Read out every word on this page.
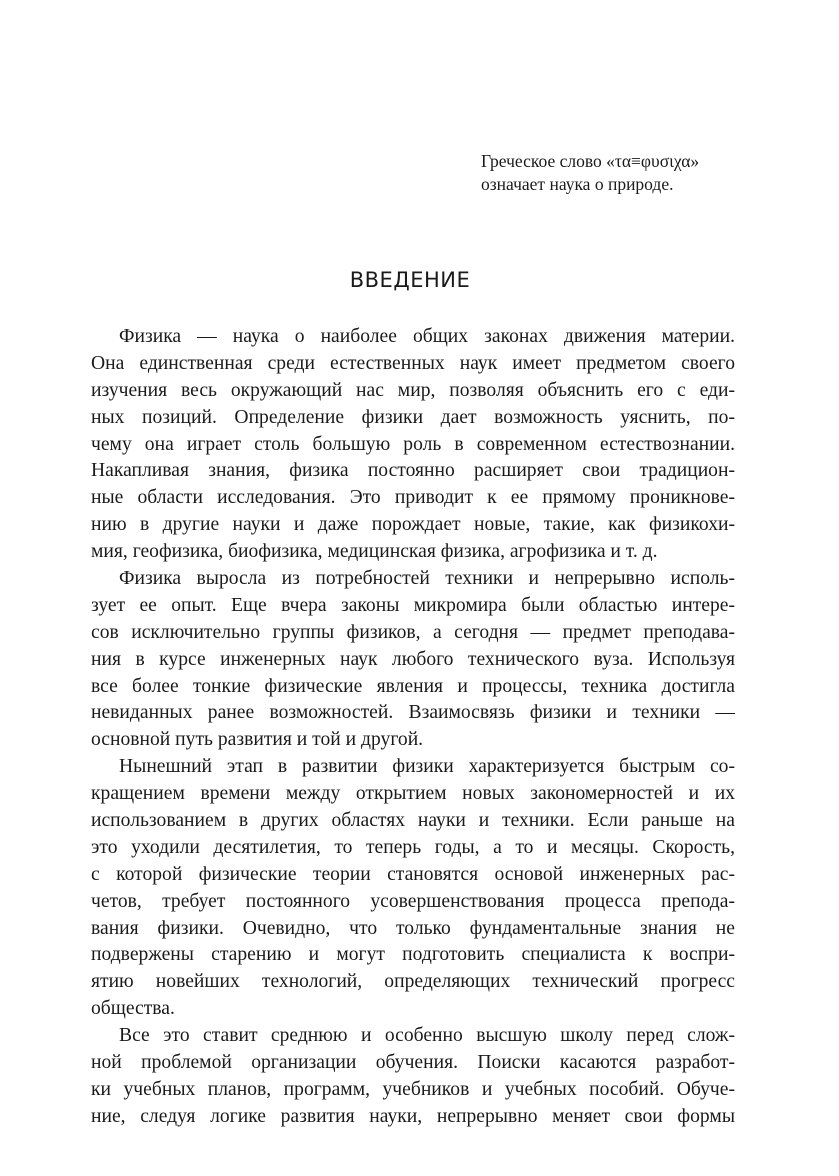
Греческое слово «τα≡φυσιχα»
означает наука о природе.
ВВЕДЕНИЕ
Физика — наука о наиболее общих законах движения материи.
Она единственная среди естественных наук имеет предметом своего
изучения весь окружающий нас мир, позволяя объяснить его с еди-
ных позиций. Определение физики дает возможность уяснить, по-
чему она играет столь большую роль в современном естествознании.
Накапливая знания, физика постоянно расширяет свои традицион-
ные области исследования. Это приводит к ее прямому проникнове-
нию в другие науки и даже порождает новые, такие, как физикохи-
мия, геофизика, биофизика, медицинская физика, агрофизика и т. д.
Физика выросла из потребностей техники и непрерывно исполь-
зует ее опыт. Еще вчера законы микромира были областью интере-
сов исключительно группы физиков, а сегодня — предмет преподава-
ния в курсе инженерных наук любого технического вуза. Используя
все более тонкие физические явления и процессы, техника достигла
невиданных ранее возможностей. Взаимосвязь физики и техники —
основной путь развития и той и другой.
Нынешний этап в развитии физики характеризуется быстрым со-
кращением времени между открытием новых закономерностей и их
использованием в других областях науки и техники. Если раньше на
это уходили десятилетия, то теперь годы, а то и месяцы. Скорость,
с которой физические теории становятся основой инженерных рас-
четов, требует постоянного усовершенствования процесса препода-
вания физики. Очевидно, что только фундаментальные знания не
подвержены старению и могут подготовить специалиста к воспри-
ятию новейших технологий, определяющих технический прогресс
общества.
Все это ставит среднюю и особенно высшую школу перед слож-
ной проблемой организации обучения. Поиски касаются разработ-
ки учебных планов, программ, учебников и учебных пособий. Обуче-
ние, следуя логике развития науки, непрерывно меняет свои формы
